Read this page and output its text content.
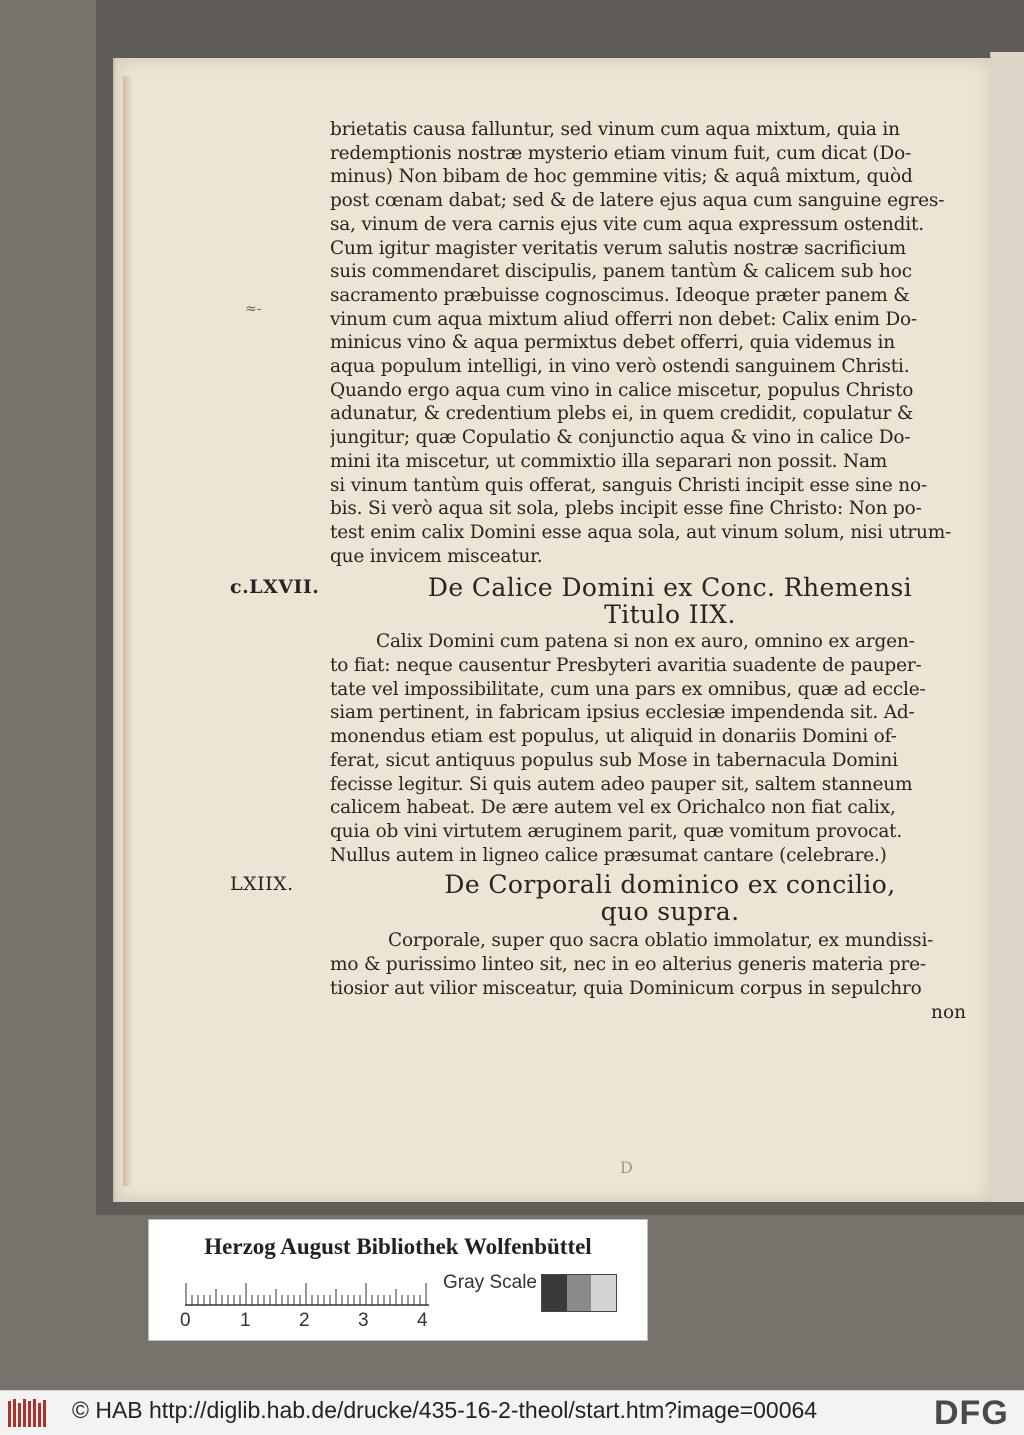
≈-

brietatis causa falluntur, sed vinum cum aqua mixtum, quia in
redemptionis nostræ mysterio etiam vinum fuit, cum dicat (Do-
minus) Non bibam de hoc gemmine vitis; & aquâ mixtum, quòd
post cœnam dabat; sed & de latere ejus aqua cum sanguine egres-
sa, vinum de vera carnis ejus vite cum aqua expressum ostendit.
Cum igitur magister veritatis verum salutis nostræ sacrificium
suis commendaret discipulis, panem tantùm & calicem sub hoc
sacramento præbuisse cognoscimus. Ideoque præter panem &
vinum cum aqua mixtum aliud offerri non debet: Calix enim Do-
minicus vino & aqua permixtus debet offerri, quia videmus in
aqua populum intelligi, in vino verò ostendi sanguinem Christi.
Quando ergo aqua cum vino in calice miscetur, populus Christo
adunatur, & credentium plebs ei, in quem credidit, copulatur &
jungitur; quæ Copulatio & conjunctio aqua & vino in calice Do-
mini ita miscetur, ut commixtio illa separari non possit. Nam
si vinum tantùm quis offerat, sanguis Christi incipit esse sine no-
bis. Si verò aqua sit sola, plebs incipit esse fine Christo: Non po-
test enim calix Domini esse aqua sola, aut vinum solum, nisi utrum-
que invicem misceatur.

c.LXVII.	De Calice Domini ex Conc. Rhemensi

Titulo IIX.

Calix Domini cum patena si non ex auro, omnino ex argen-
to fiat: neque causentur Presbyteri avaritia suadente de pauper-
tate vel impossibilitate, cum una pars ex omnibus, quæ ad eccle-
siam pertinent, in fabricam ipsius ecclesiæ impendenda sit. Ad-
monendus etiam est populus, ut aliquid in donariis Domini of-
ferat, sicut antiquus populus sub Mose in tabernacula Domini
fecisse legitur. Si quis autem adeo pauper sit, saltem stanneum
calicem habeat. De ære autem vel ex Orichalco non fiat calix,
quia ob vini virtutem æruginem parit, quæ vomitum provocat.
Nullus autem in ligneo calice præsumat cantare (celebrare.)

LXIIX.	De Corporali dominico ex concilio,

quo supra.

Corporale, super quo sacra oblatio immolatur, ex mundissi-
mo & purissimo linteo sit, nec in eo alterius generis materia pre-
tiosior aut vilior misceatur, quia Dominicum corpus in sepulchro

non

D
Herzog August Bibliothek Wolfenbüttel
0	1	2	3	4
Gray Scale
© HAB http://diglib.hab.de/drucke/435-16-2-theol/start.htm?image=00064	DFG
